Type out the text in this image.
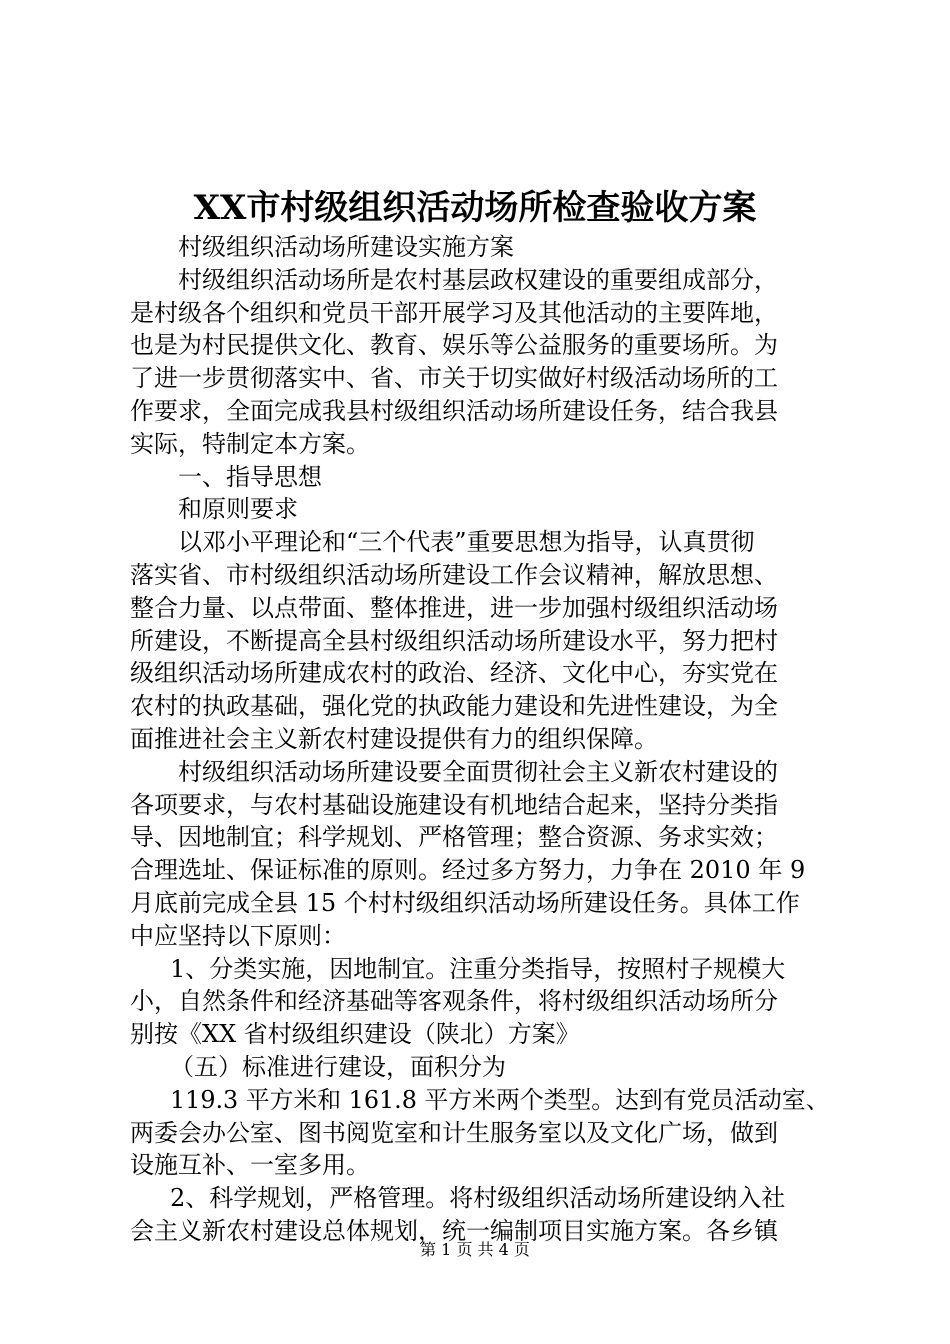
XX市村级组织活动场所检查验收方案
村级组织活动场所建设实施方案
村级组织活动场所是农村基层政权建设的重要组成部分，
是村级各个组织和党员干部开展学习及其他活动的主要阵地，
也是为村民提供文化、教育、娱乐等公益服务的重要场所。为
了进一步贯彻落实中、省、市关于切实做好村级活动场所的工
作要求，全面完成我县村级组织活动场所建设任务，结合我县
实际，特制定本方案。
一、指导思想
和原则要求
以邓小平理论和“三个代表”重要思想为指导，认真贯彻
落实省、市村级组织活动场所建设工作会议精神，解放思想、
整合力量、以点带面、整体推进，进一步加强村级组织活动场
所建设，不断提高全县村级组织活动场所建设水平，努力把村
级组织活动场所建成农村的政治、经济、文化中心，夯实党在
农村的执政基础，强化党的执政能力建设和先进性建设，为全
面推进社会主义新农村建设提供有力的组织保障。
村级组织活动场所建设要全面贯彻社会主义新农村建设的
各项要求，与农村基础设施建设有机地结合起来，坚持分类指
导、因地制宜；科学规划、严格管理；整合资源、务求实效；
合理选址、保证标准的原则。经过多方努力，力争在 2010 年 9
月底前完成全县 15 个村村级组织活动场所建设任务。具体工作
中应坚持以下原则：
1、分类实施，因地制宜。注重分类指导，按照村子规模大
小，自然条件和经济基础等客观条件，将村级组织活动场所分
别按《XX 省村级组织建设（陕北）方案》
（五）标准进行建设，面积分为
119.3 平方米和 161.8 平方米两个类型。达到有党员活动室、
两委会办公室、图书阅览室和计生服务室以及文化广场，做到
设施互补、一室多用。
2、科学规划，严格管理。将村级组织活动场所建设纳入社
会主义新农村建设总体规划，统一编制项目实施方案。各乡镇
第 1 页 共 4 页
